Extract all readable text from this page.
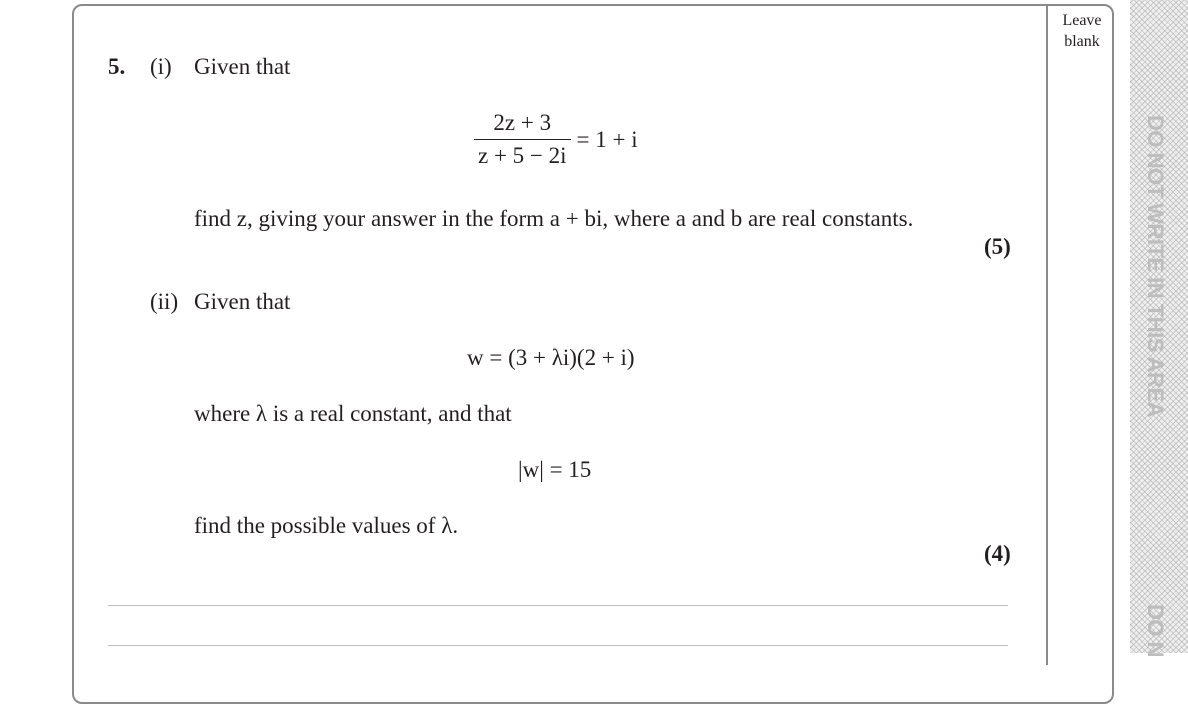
Leave
blank
DO NOT WRITE IN THIS AREA
DO N
5. (i) Given that
$\frac{2z + 3}{z + 5 - 2i} = 1 + i$
find z, giving your answer in the form a + bi, where a and b are real constants.
(5)
(ii) Given that
w = (3 + λi)(2 + i)
where λ is a real constant, and that
|w| = 15
find the possible values of λ.
(4)
